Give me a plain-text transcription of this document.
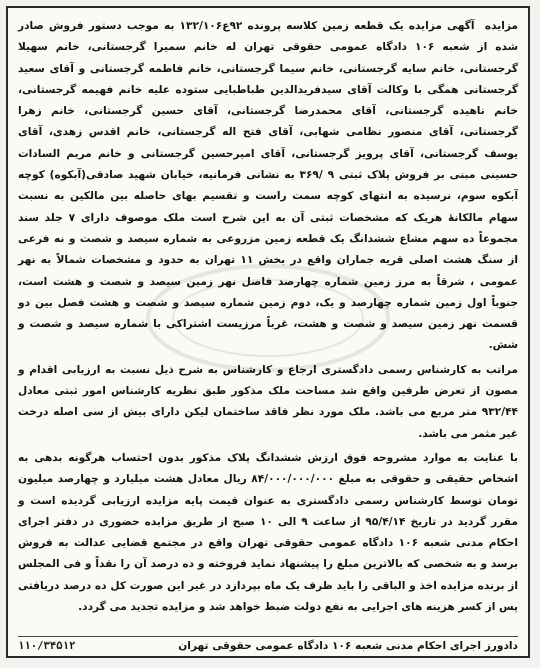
مزایده  آگهی مزایده یک قطعه زمین کلاسه پرونده ۹۲ع۱۳۲/۱۰۶ به موجب دستور فروش صادر شده از شعبه ۱۰۶ دادگاه عمومی حقوقی تهران له خانم سمیرا گرجستانی، خانم سهیلا گرجستانی، خانم سایه گرجستانی، خانم سیما گرجستانی، خانم فاطمه گرجستانی و آقای سعید گرجستانی همگی با وکالت آقای سیدفریدالدین طباطبایی ستوده علیه خانم فهیمه گرجستانی، خانم ناهیده گرجستانی، آقای محمدرضا گرجستانی، آقای حسین گرجستانی، خانم زهرا گرجستانی، آقای منصور نظامی شهابی، آقای فتح اله گرجستانی، خانم اقدس زهدی، آقای یوسف گرجستانی، آقای پرویز گرجستانی، آقای امیرحسین گرجستانی و خانم مریم السادات حسینی مبنی بر فروش پلاک ثبتی ۹ /۳۶۹ به نشانی فرمانیه، خیابان شهید صادقی(آبکوه) کوچه آبکوه سوم، نرسیده به انتهای کوچه سمت راست و تقسیم بهای حاصله بین مالکین به نسبت سهام مالکانهٔ هریک که مشخصات ثبتی آن به این شرح است ملک موصوف دارای ۷ جلد سند مجموعاً ده سهم مشاع ششدانگ یک قطعه زمین مزروعی به شماره سیصد و شصت و نه فرعی از سنگ هشت اصلی قریه جماران واقع در بخش ۱۱ تهران به حدود و مشخصات شمالاً به نهر عمومی ، شرقاً به مرز زمین شماره چهارصد فاصل نهر زمین سیصد و شصت و هشت است، جنوباً اول زمین شماره چهارصد و یک، دوم زمین شماره سیصد و شصت و هشت فصل بین دو قسمت نهر زمین سیصد و شصت و هشت، غرباً مرزیست اشتراکی با شماره سیصد و شصت و شش.

مراتب به کارشناس رسمی دادگستری ارجاع و کارشناس به شرح ذیل نسبت به ارزیابی اقدام و مصون از تعرض طرفین واقع شد مساحت ملک مذکور طبق نظریه کارشناس امور ثبتی معادل ۹۳۲/۴۴ متر مربع می باشد. ملک مورد نظر فاقد ساختمان لیکن دارای بیش از سی اصله درخت غیر مثمر می باشد.

با عنایت به موارد مشروحه فوق ارزش ششدانگ پلاک مذکور بدون احتساب هرگونه بدهی به اشخاص حقیقی و حقوقی به مبلغ ۸۴/۰۰۰/۰۰۰/۰۰۰ ریال معادل هشت میلیارد و چهارصد میلیون تومان توسط کارشناس رسمی دادگستری به عنوان قیمت پایه مزایده ارزیابی گردیده است و مقرر گردید در تاریخ ۹۵/۴/۱۴ از ساعت ۹ الی ۱۰ صبح از طریق مزایده حضوری در دفتر اجرای احکام مدنی شعبه ۱۰۶ دادگاه عمومی حقوقی تهران واقع در مجتمع قضایی عدالت به فروش برسد و به شخصی که بالاترین مبلغ را پیشنهاد نماید فروخته و ده درصد آن را نقداً و فی المجلس از برنده مزایده اخذ و الباقی را باید ظرف یک ماه بپردازد در غیر این صورت کل ده درصد دریافتی پس از کسر هزینه های اجرایی به نفع دولت ضبط خواهد شد و مزایده تجدید می گردد.

دادورز اجرای احکام مدنی شعبه ۱۰۶ دادگاه عمومی حقوقی تهران
۱۱۰/۳۴۵۱۲
